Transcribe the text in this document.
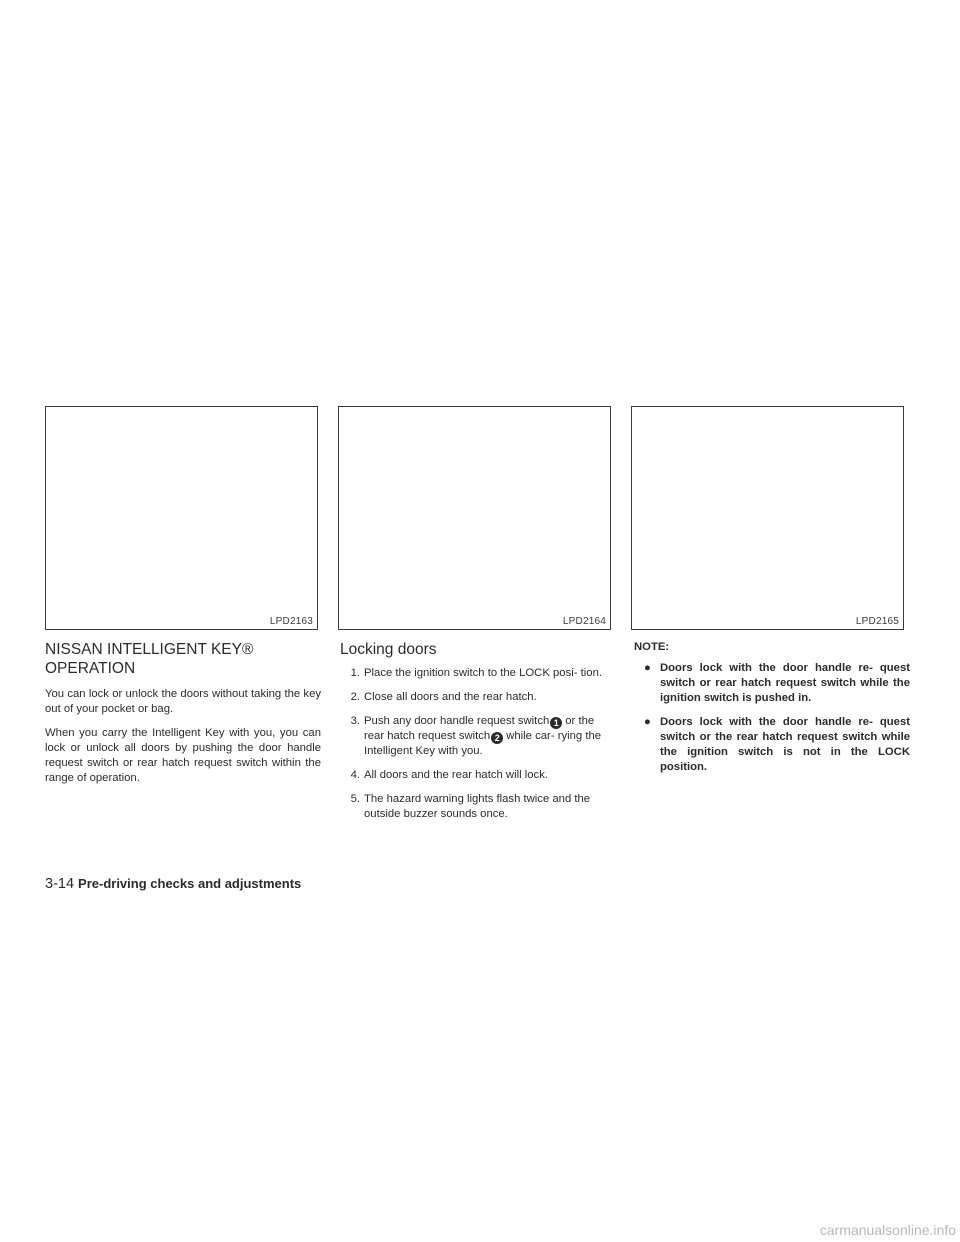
LPD2163	LPD2164	LPD2165
NISSAN INTELLIGENT KEY®
OPERATION

You can lock or unlock the doors without taking the key out of your pocket or bag.

When you carry the Intelligent Key with you, you can lock or unlock all doors by pushing the door handle request switch or rear hatch request switch within the range of operation.

Locking doors
1. Place the ignition switch to the LOCK posi- tion.
2. Close all doors and the rear hatch.
3. Push any door handle request switch 1 or the rear hatch request switch 2 while car- rying the Intelligent Key with you.
4. All doors and the rear hatch will lock.
5. The hazard warning lights flash twice and the outside buzzer sounds once.

NOTE:

● Doors lock with the door handle re- quest switch or rear hatch request switch while the ignition switch is pushed in.
● Doors lock with the door handle re- quest switch or the rear hatch request switch while the ignition switch is not in the LOCK position.
3-14 Pre-driving checks and adjustments
carmanualsonline.info
